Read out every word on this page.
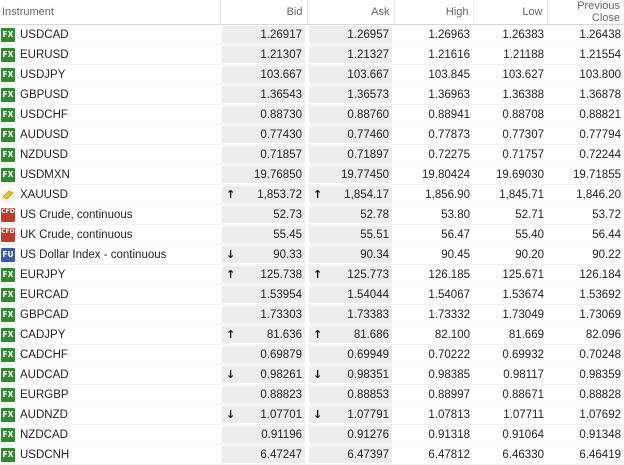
Instrument	Bid	Ask	High	Low	Previous Close
FX USDCAD	1.26917	1.26957	1.26963	1.26383	1.26438
FX EURUSD	1.21307	1.21327	1.21616	1.21188	1.21554
FX USDJPY	103.667	103.667	103.845	103.627	103.800
FX GBPUSD	1.36543	1.36573	1.36963	1.36388	1.36878
FX USDCHF	0.88730	0.88760	0.88941	0.88708	0.88821
FX AUDUSD	0.77430	0.77460	0.77873	0.77307	0.77794
FX NZDUSD	0.71857	0.71897	0.72275	0.71757	0.72244
FX USDMXN	19.76850	19.77450	19.80424	19.69030	19.71855
XAUUSD	↑ 1,853.72	↑ 1,854.17	1,856.90	1,845.71	1,846.20
CFD US Crude, continuous	52.73	52.78	53.80	52.71	53.72
CFD UK Crude, continuous	55.45	55.51	56.47	55.40	56.44
FU US Dollar Index - continuous	↓ 90.33	90.34	90.45	90.20	90.22
FX EURJPY	↑ 125.738	↑ 125.773	126.185	125.671	126.184
FX EURCAD	1.53954	1.54044	1.54067	1.53674	1.53692
FX GBPCAD	1.73303	1.73383	1.73332	1.73049	1.73069
FX CADJPY	↑ 81.636	↑ 81.686	82.100	81.669	82.096
FX CADCHF	0.69879	0.69949	0.70222	0.69932	0.70248
FX AUDCAD	↓ 0.98261	↓ 0.98351	0.98385	0.98117	0.98359
FX EURGBP	0.88823	0.88853	0.88997	0.88671	0.88828
FX AUDNZD	↓ 1.07701	↓ 1.07791	1.07813	1.07711	1.07692
FX NZDCAD	0.91196	0.91276	0.91318	0.91064	0.91348
FX USDCNH	6.47247	6.47397	6.47812	6.46330	6.46419
